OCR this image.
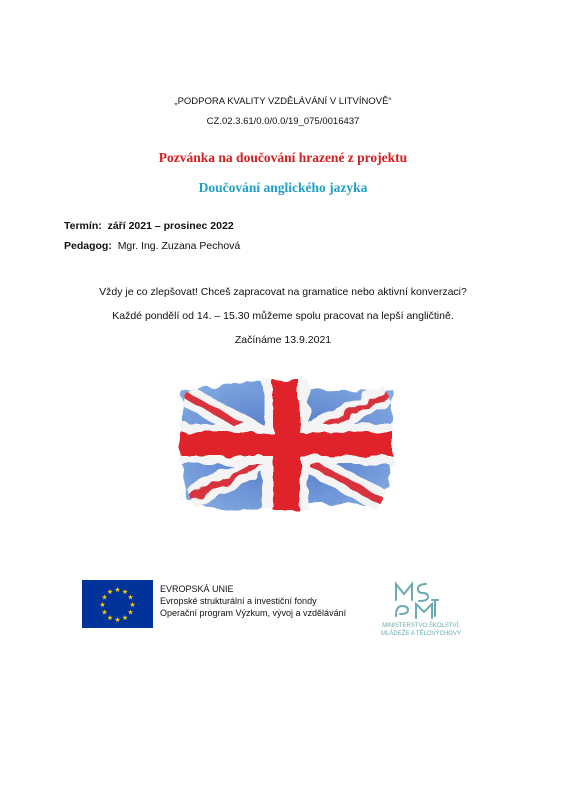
„PODPORA KVALITY VZDĚLÁVÁNÍ V LITVÍNOVĚ“
CZ.02.3.61/0.0/0.0/19_075/0016437
Pozvánka na doučování hrazené z projektu
Doučování anglického jazyka
Termín: září 2021 – prosinec 2022
Pedagog: Mgr. Ing. Zuzana Pechová
Vždy je co zlepšovat! Chceš zapracovat na gramatice nebo aktivní konverzaci?
Každé pondělí od 14. – 15.30 můžeme spolu pracovat na lepší angličtině.
Začínáme 13.9.2021
★ ★
★
★
★
★
★
★
★
★
★
★	EVROPSKÁ UNIE
Evropské strukturální a investiční fondy
Operační program Výzkum, vývoj a vzdělávání
MINISTERSTVO ŠKOLSTVÍ,
MLÁDEŽE A TĚLOVÝCHOVY
